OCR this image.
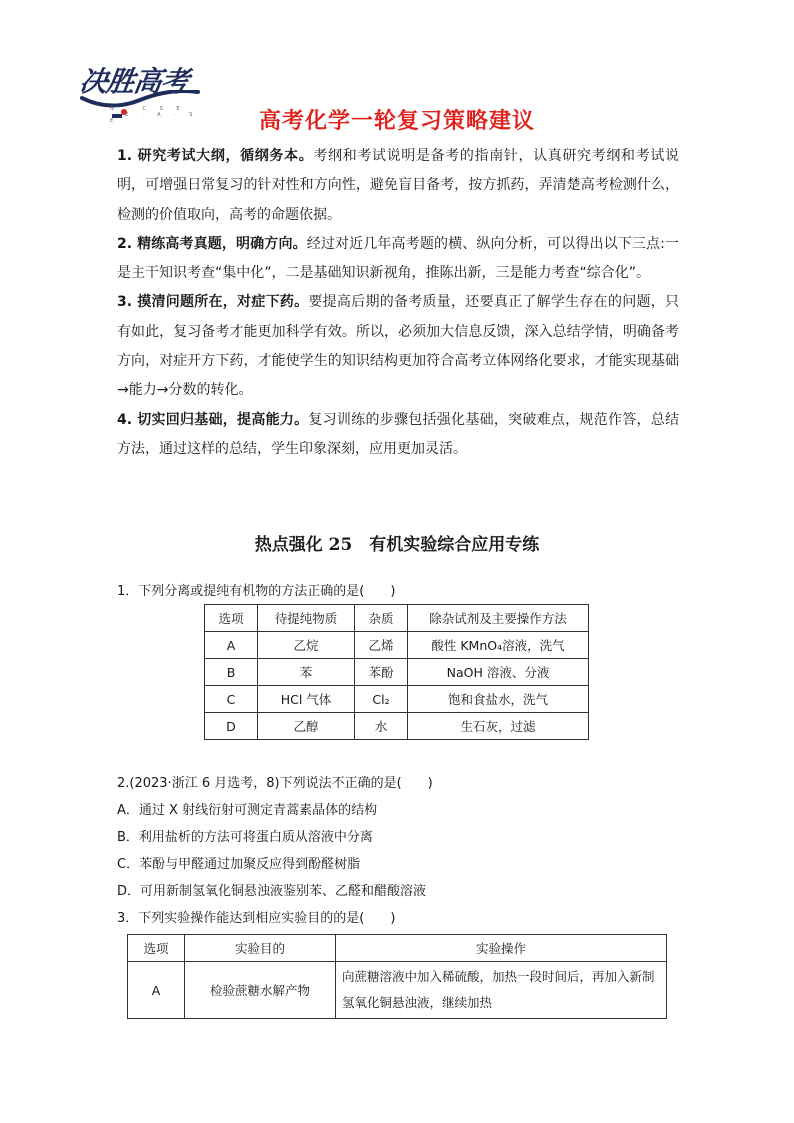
决胜高考
N · C S E · E · A · S E	高考化学一轮复习策略建议

1. 研究考试大纲，循纲务本。考纲和考试说明是备考的指南针，认真研究考纲和考试说明，可增强日常复习的针对性和方向性，避免盲目备考，按方抓药，弄清楚高考检测什么，检测的价值取向，高考的命题依据。

2. 精练高考真题，明确方向。经过对近几年高考题的横、纵向分析，可以得出以下三点:一是主干知识考查“集中化”，二是基础知识新视角，推陈出新，三是能力考查“综合化”。

3. 摸清问题所在，对症下药。要提高后期的备考质量，还要真正了解学生存在的问题，只有如此，复习备考才能更加科学有效。所以，必须加大信息反馈，深入总结学情，明确备考方向，对症开方下药，才能使学生的知识结构更加符合高考立体网络化要求，才能实现基础→能力→分数的转化。

4. 切实回归基础，提高能力。复习训练的步骤包括强化基础，突破难点，规范作答，总结方法，通过这样的总结，学生印象深刻，应用更加灵活。

热点强化 25　有机实验综合应用专练
1．下列分离或提纯有机物的方法正确的是(　　)
选项	待提纯物质	杂质	除杂试剂及主要操作方法
A	乙烷	乙烯	酸性 KMnO₄溶液，洗气
B	苯	苯酚	NaOH 溶液、分液
C	HCl 气体	Cl₂	饱和食盐水，洗气
D	乙醇	水	生石灰，过滤
2.(2023·浙江 6 月选考，8)下列说法不正确的是(　　)
A．通过 X 射线衍射可测定青蒿素晶体的结构
B．利用盐析的方法可将蛋白质从溶液中分离
C．苯酚与甲醛通过加聚反应得到酚醛树脂
D．可用新制氢氧化铜悬浊液鉴别苯、乙醛和醋酸溶液
3．下列实验操作能达到相应实验目的的是(　　)
选项	实验目的	实验操作
A	检验蔗糖水解产物	向蔗糖溶液中加入稀硫酸，加热一段时间后，再加入新制氢氧化铜悬浊液，继续加热
